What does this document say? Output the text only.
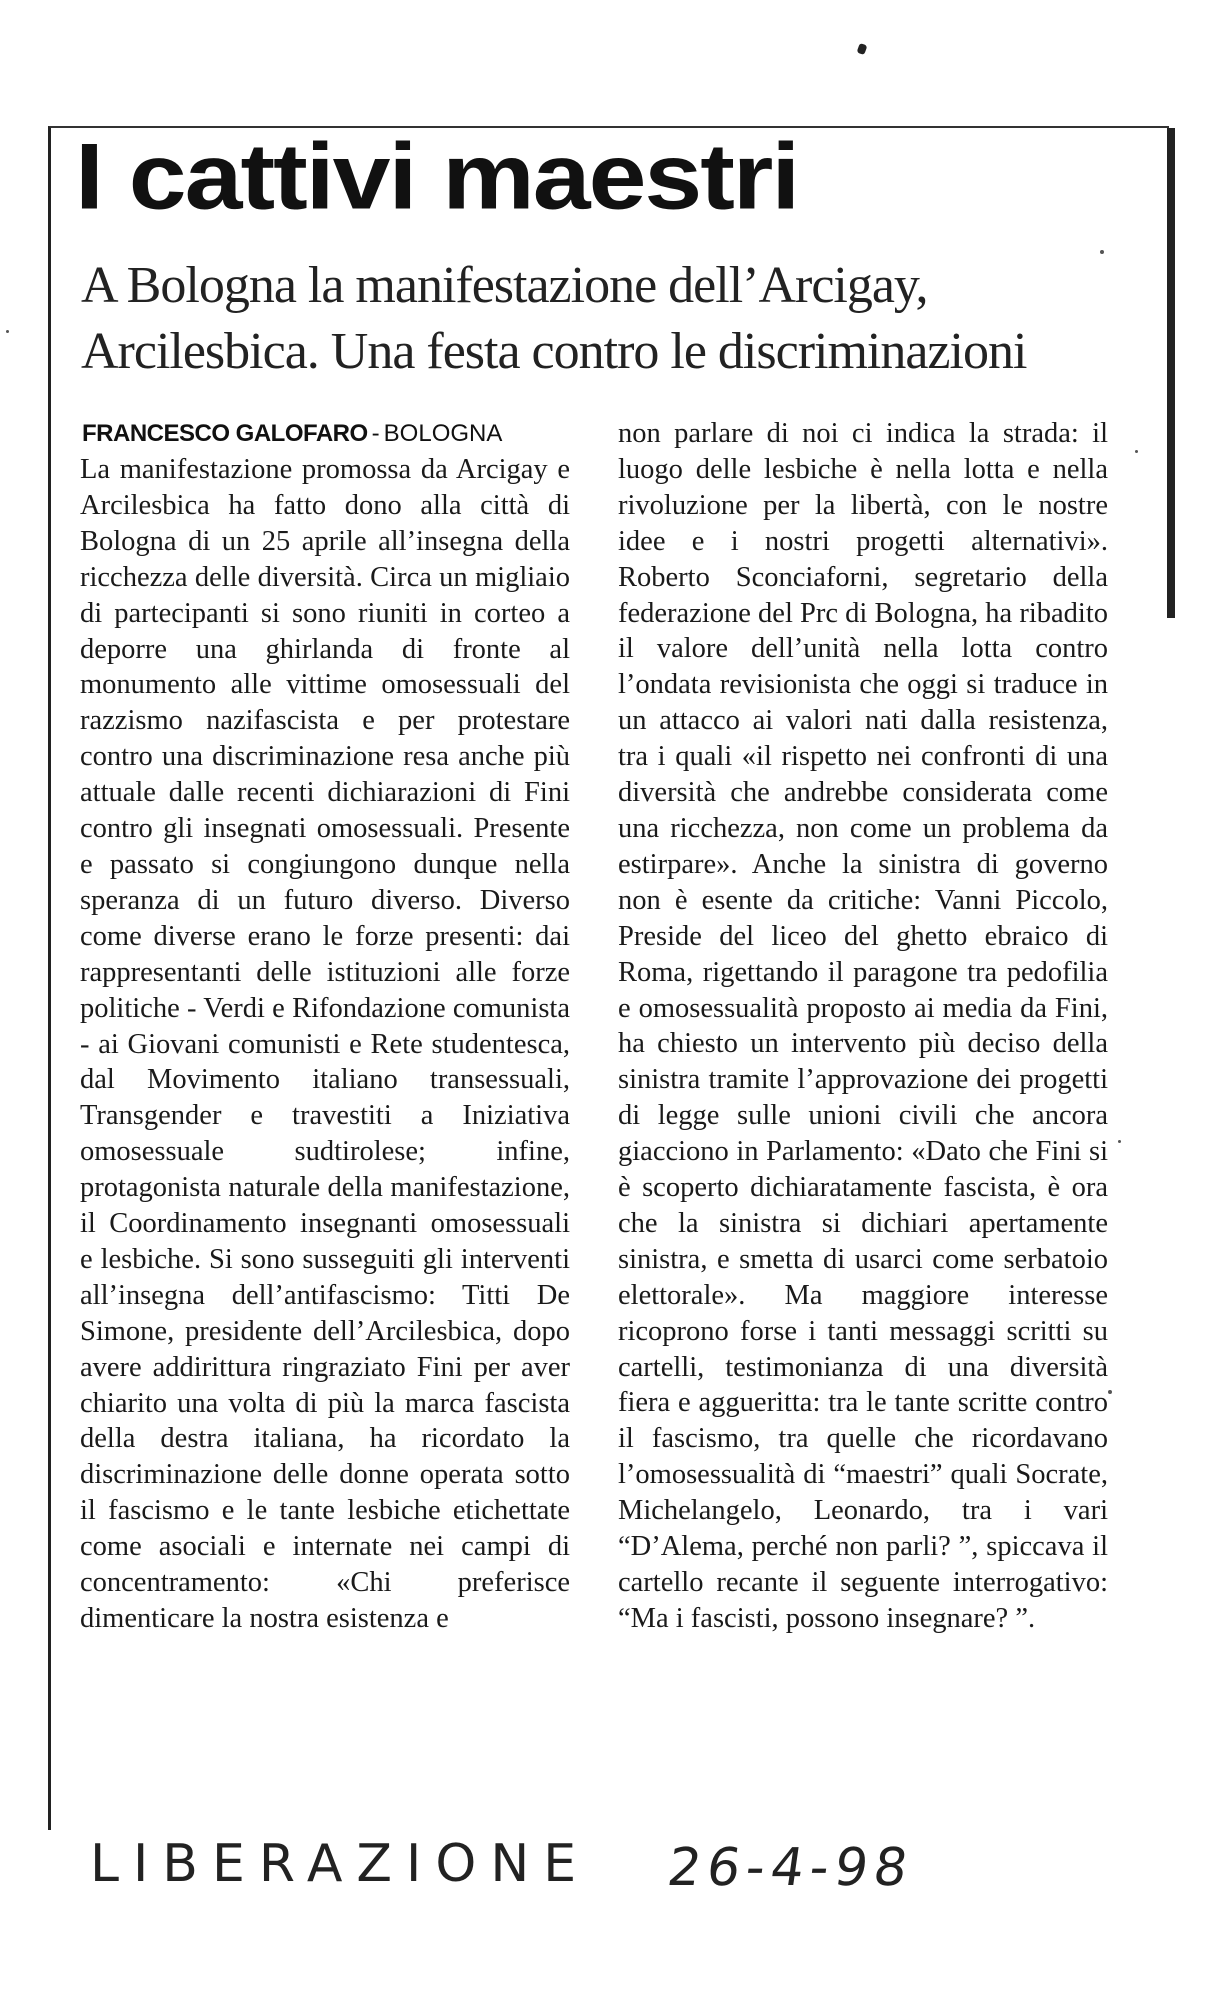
I cattivi maestri
A Bologna la manifestazione dell’Arcigay, Arcilesbica. Una festa contro le discriminazioni
FRANCESCO GALOFARO - BOLOGNA
La manifestazione promossa da Arcigay e Arcilesbica ha fatto dono alla città di Bologna di un 25 aprile all’insegna della ricchezza delle diversità. Circa un migliaio di partecipanti si sono riuniti in corteo a deporre una ghirlanda di fronte al monumento alle vittime omosessuali del razzismo nazifascista e per protestare contro una discriminazione resa anche più attuale dalle recenti dichiarazioni di Fini contro gli insegnati omosessuali. Presente e passato si congiungono dunque nella speranza di un futuro diverso. Diverso come diverse erano le forze presenti: dai rappresentanti delle istituzioni alle forze politiche - Verdi e Rifondazione comunista - ai Giovani comunisti e Rete studentesca, dal Movimento italiano transessuali, Transgender e travestiti a Iniziativa omosessuale sudtirolese; infine, protagonista naturale della manifestazione, il Coordinamento insegnanti omosessuali e lesbiche. Si sono susseguiti gli interventi all’insegna dell’antifascismo: Titti De Simone, presidente dell’Arcilesbica, dopo avere addirittura ringraziato Fini per aver chiarito una volta di più la marca fascista della destra italiana, ha ricordato la discriminazione delle donne operata sotto il fascismo e le tante lesbiche etichettate come asociali e internate nei campi di concentramento: «Chi preferisce dimenticare la nostra esistenza e
non parlare di noi ci indica la strada: il luogo delle lesbiche è nella lotta e nella rivoluzione per la libertà, con le nostre idee e i nostri progetti alternativi». Roberto Sconciaforni, segretario della federazione del Prc di Bologna, ha ribadito il valore dell’unità nella lotta contro l’ondata revisionista che oggi si traduce in un attacco ai valori nati dalla resistenza, tra i quali «il rispetto nei confronti di una diversità che andrebbe considerata come una ricchezza, non come un problema da estirpare». Anche la sinistra di governo non è esente da critiche: Vanni Piccolo, Preside del liceo del ghetto ebraico di Roma, rigettando il paragone tra pedofilia e omosessualità proposto ai media da Fini, ha chiesto un intervento più deciso della sinistra tramite l’approvazione dei progetti di legge sulle unioni civili che ancora giacciono in Parlamento: «Dato che Fini si è scoperto dichiaratamente fascista, è ora che la sinistra si dichiari apertamente sinistra, e smetta di usarci come serbatoio elettorale». Ma maggiore interesse ricoprono forse i tanti messaggi scritti su cartelli, testimonianza di una diversità fiera e aggueritta: tra le tante scritte contro il fascismo, tra quelle che ricordavano l’omosessualità di “maestri” quali Socrate, Michelangelo, Leonardo, tra i vari “D’Alema, perché non parli? ”, spiccava il cartello recante il seguente interrogativo: “Ma i fascisti, possono insegnare? ”.
LIBERAZIONE 26-4-98
